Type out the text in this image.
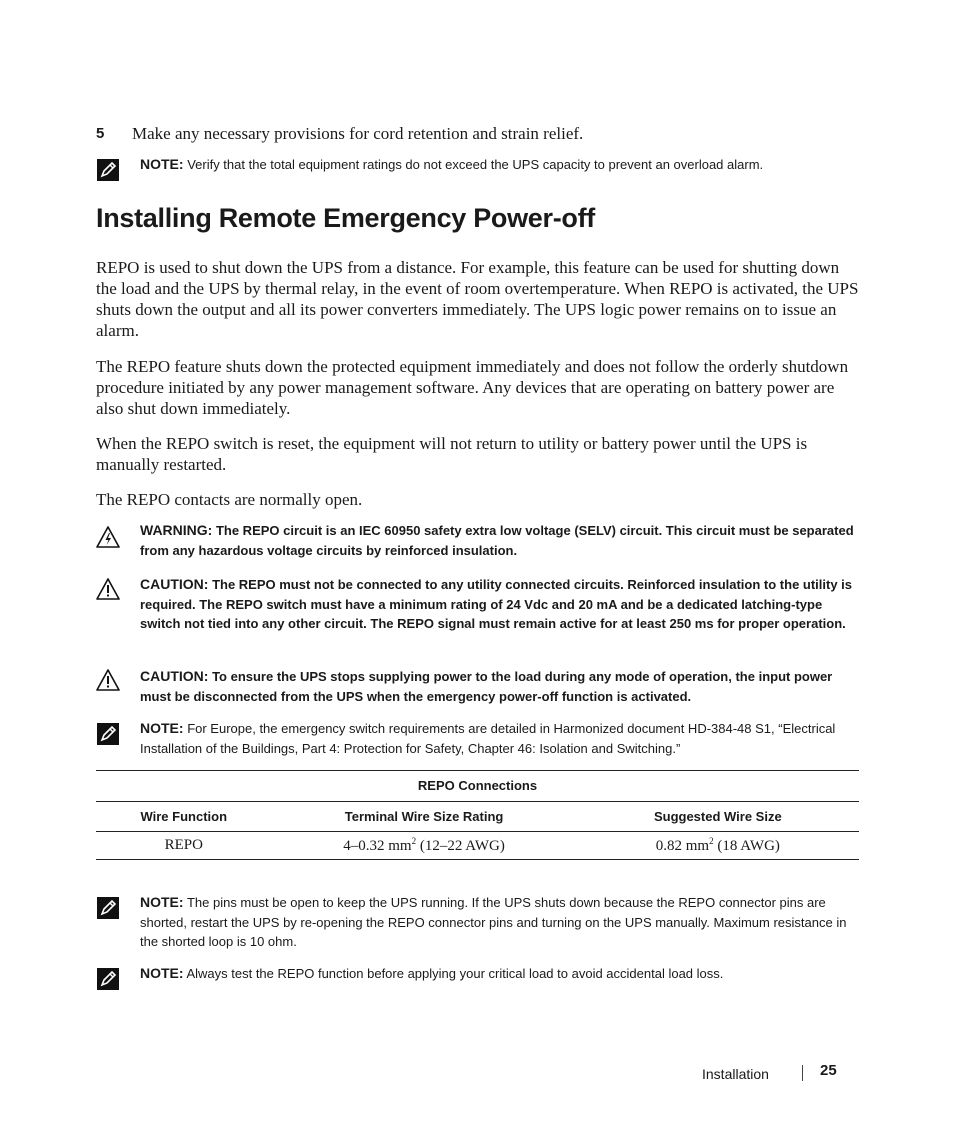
5 Make any necessary provisions for cord retention and strain relief.
NOTE: Verify that the total equipment ratings do not exceed the UPS capacity to prevent an overload alarm.
Installing Remote Emergency Power-off

REPO is used to shut down the UPS from a distance. For example, this feature can be used for shutting down the load and the UPS by thermal relay, in the event of room overtemperature. When REPO is activated, the UPS shuts down the output and all its power converters immediately. The UPS logic power remains on to issue an alarm.

The REPO feature shuts down the protected equipment immediately and does not follow the orderly shutdown procedure initiated by any power management software. Any devices that are operating on battery power are also shut down immediately.

When the REPO switch is reset, the equipment will not return to utility or battery power until the UPS is manually restarted.

The REPO contacts are normally open.

WARNING: The REPO circuit is an IEC 60950 safety extra low voltage (SELV) circuit. This circuit must be separated from any hazardous voltage circuits by reinforced insulation.
CAUTION: The REPO must not be connected to any utility connected circuits. Reinforced insulation to the utility is required. The REPO switch must have a minimum rating of 24 Vdc and 20 mA and be a dedicated latching-type switch not tied into any other circuit. The REPO signal must remain active for at least 250 ms for proper operation.
CAUTION: To ensure the UPS stops supplying power to the load during any mode of operation, the input power must be disconnected from the UPS when the emergency power-off function is activated.
NOTE: For Europe, the emergency switch requirements are detailed in Harmonized document HD-384-48 S1, “Electrical Installation of the Buildings, Part 4: Protection for Safety, Chapter 46: Isolation and Switching.”
REPO Connections
Wire Function	Terminal Wire Size Rating	Suggested Wire Size
REPO	4–0.32 $mm^2$ (12–22 AWG)	0.82 $mm^2$ (18 AWG)
NOTE: The pins must be open to keep the UPS running. If the UPS shuts down because the REPO connector pins are shorted, restart the UPS by re-opening the REPO connector pins and turning on the UPS manually. Maximum resistance in the shorted loop is 10 ohm.
NOTE: Always test the REPO function before applying your critical load to avoid accidental load loss.
Installation	25
